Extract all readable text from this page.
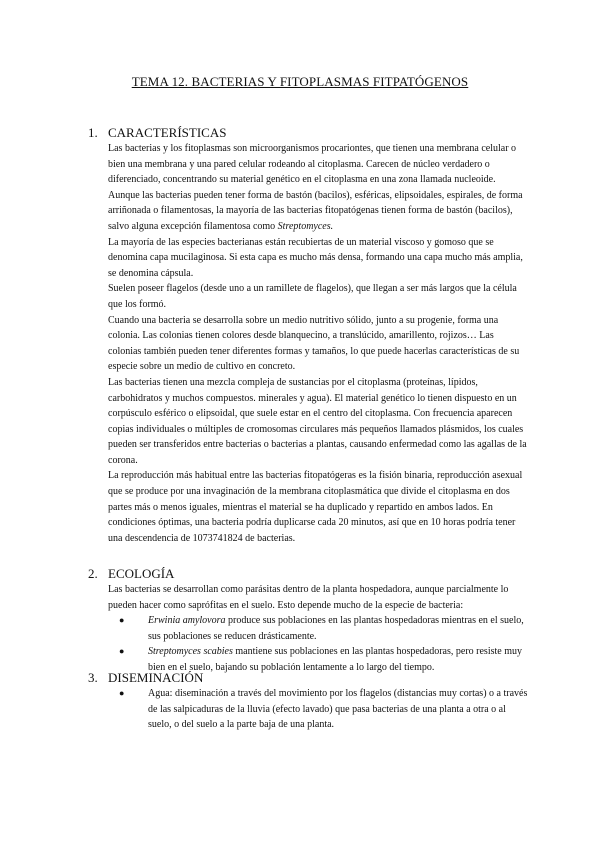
TEMA 12. BACTERIAS Y FITOPLASMAS FITPATÓGENOS
1. CARACTERÍSTICAS

Las bacterias y los fitoplasmas son microorganismos procariontes, que tienen una membrana celular o bien una membrana y una pared celular rodeando al citoplasma. Carecen de núcleo verdadero o diferenciado, concentrando su material genético en el citoplasma en una zona llamada nucleoide. Aunque las bacterias pueden tener forma de bastón (bacilos), esféricas, elipsoidales, espirales, de forma arriñonada o filamentosas, la mayoría de las bacterias fitopatógenas tienen forma de bastón (bacilos), salvo alguna excepción filamentosa como Streptomyces.

La mayoría de las especies bacterianas están recubiertas de un material viscoso y gomoso que se denomina capa mucilaginosa. Si esta capa es mucho más densa, formando una capa mucho más amplia, se denomina cápsula.

Suelen poseer flagelos (desde uno a un ramillete de flagelos), que llegan a ser más largos que la célula que los formó.

Cuando una bacteria se desarrolla sobre un medio nutritivo sólido, junto a su progenie, forma una colonia. Las colonias tienen colores desde blanquecino, a translúcido, amarillento, rojizos… Las colonias también pueden tener diferentes formas y tamaños, lo que puede hacerlas características de su especie sobre un medio de cultivo en concreto.

Las bacterias tienen una mezcla compleja de sustancias por el citoplasma (proteínas, lípidos, carbohidratos y muchos compuestos. minerales y agua). El material genético lo tienen dispuesto en un corpúsculo esférico o elipsoidal, que suele estar en el centro del citoplasma. Con frecuencia aparecen copias individuales o múltiples de cromosomas circulares más pequeños llamados plásmidos, los cuales pueden ser transferidos entre bacterias o bacterias a plantas, causando enfermedad como las agallas de la corona.

La reproducción más habitual entre las bacterias fitopatógeras es la fisión binaria, reproducción asexual que se produce por una invaginación de la membrana citoplasmática que divide el citoplasma en dos partes más o menos iguales, mientras el material se ha duplicado y repartido en ambos lados. En condiciones óptimas, una bacteria podría duplicarse cada 20 minutos, así que en 10 horas podría tener una descendencia de 1073741824 de bacterias.

2. ECOLOGÍA

Las bacterias se desarrollan como parásitas dentro de la planta hospedadora, aunque parcialmente lo pueden hacer como saprófitas en el suelo. Esto depende mucho de la especie de bacteria:

● Erwinia amylovora produce sus poblaciones en las plantas hospedadoras mientras en el suelo, sus poblaciones se reducen drásticamente.
● Streptomyces scabies mantiene sus poblaciones en las plantas hospedadoras, pero resiste muy bien en el suelo, bajando su población lentamente a lo largo del tiempo.
3. DISEMINACIÓN
● Agua: diseminación a través del movimiento por los flagelos (distancias muy cortas) o a través de las salpicaduras de la lluvia (efecto lavado) que pasa bacterias de una planta a otra o al suelo, o del suelo a la parte baja de una planta.
